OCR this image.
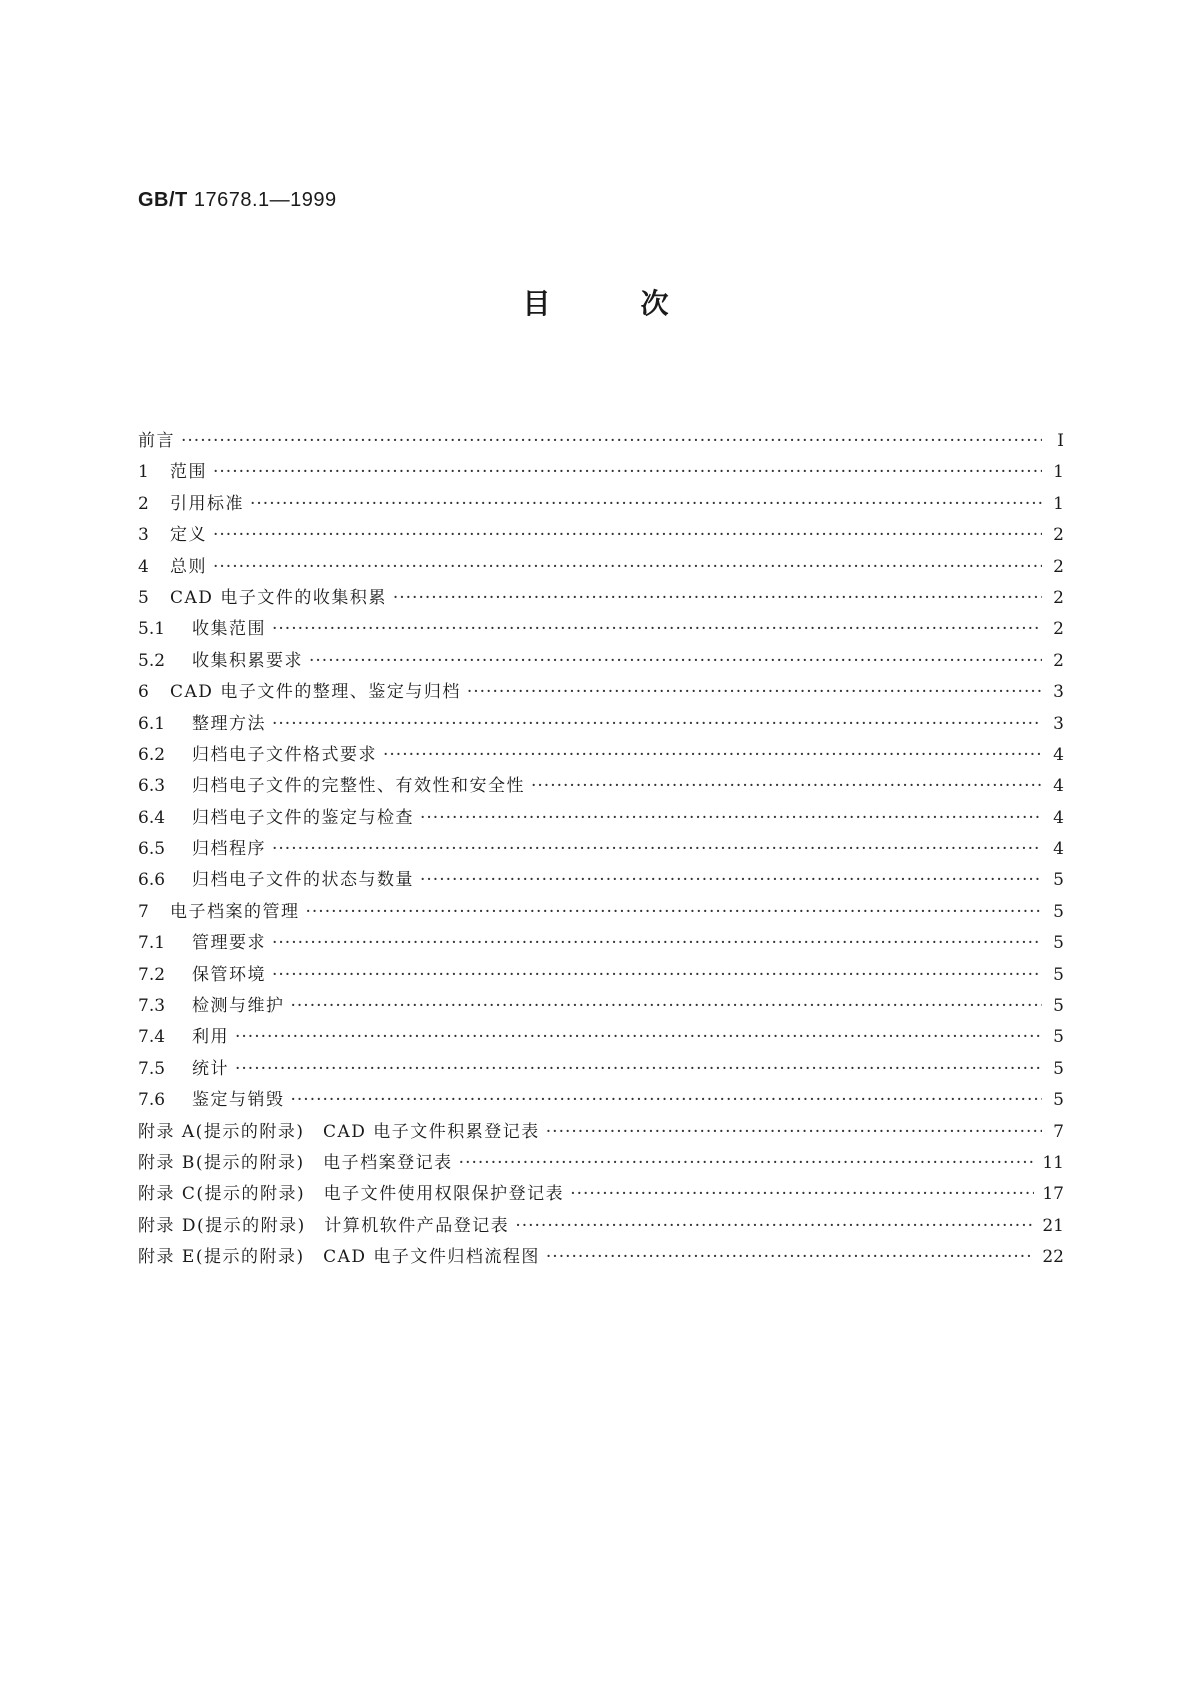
GB/T 17678.1—1999
目次
前言 ·····	Ⅰ
1	范围 ·····	1
2	引用标准 ·····	1
3	定义 ·····	2
4	总则 ·····	2
5	CAD 电子文件的收集积累 ·····	2
5.1	收集范围 ·····	2
5.2	收集积累要求 ·····	2
6	CAD 电子文件的整理、鉴定与归档 ·····	3
6.1	整理方法 ·····	3
6.2	归档电子文件格式要求 ·····	4
6.3	归档电子文件的完整性、有效性和安全性 ·····	4
6.4	归档电子文件的鉴定与检查 ·····	4
6.5	归档程序 ·····	4
6.6	归档电子文件的状态与数量 ·····	5
7	电子档案的管理 ·····	5
7.1	管理要求 ·····	5
7.2	保管环境 ·····	5
7.3	检测与维护 ·····	5
7.4	利用 ·····	5
7.5	统计 ·····	5
7.6	鉴定与销毁 ·····	5
附录 A(提示的附录)　CAD 电子文件积累登记表 ·····	7
附录 B(提示的附录)　电子档案登记表 ·····	11
附录 C(提示的附录)　电子文件使用权限保护登记表 ·····	17
附录 D(提示的附录)　计算机软件产品登记表 ·····	21
附录 E(提示的附录)　CAD 电子文件归档流程图 ·····	22
